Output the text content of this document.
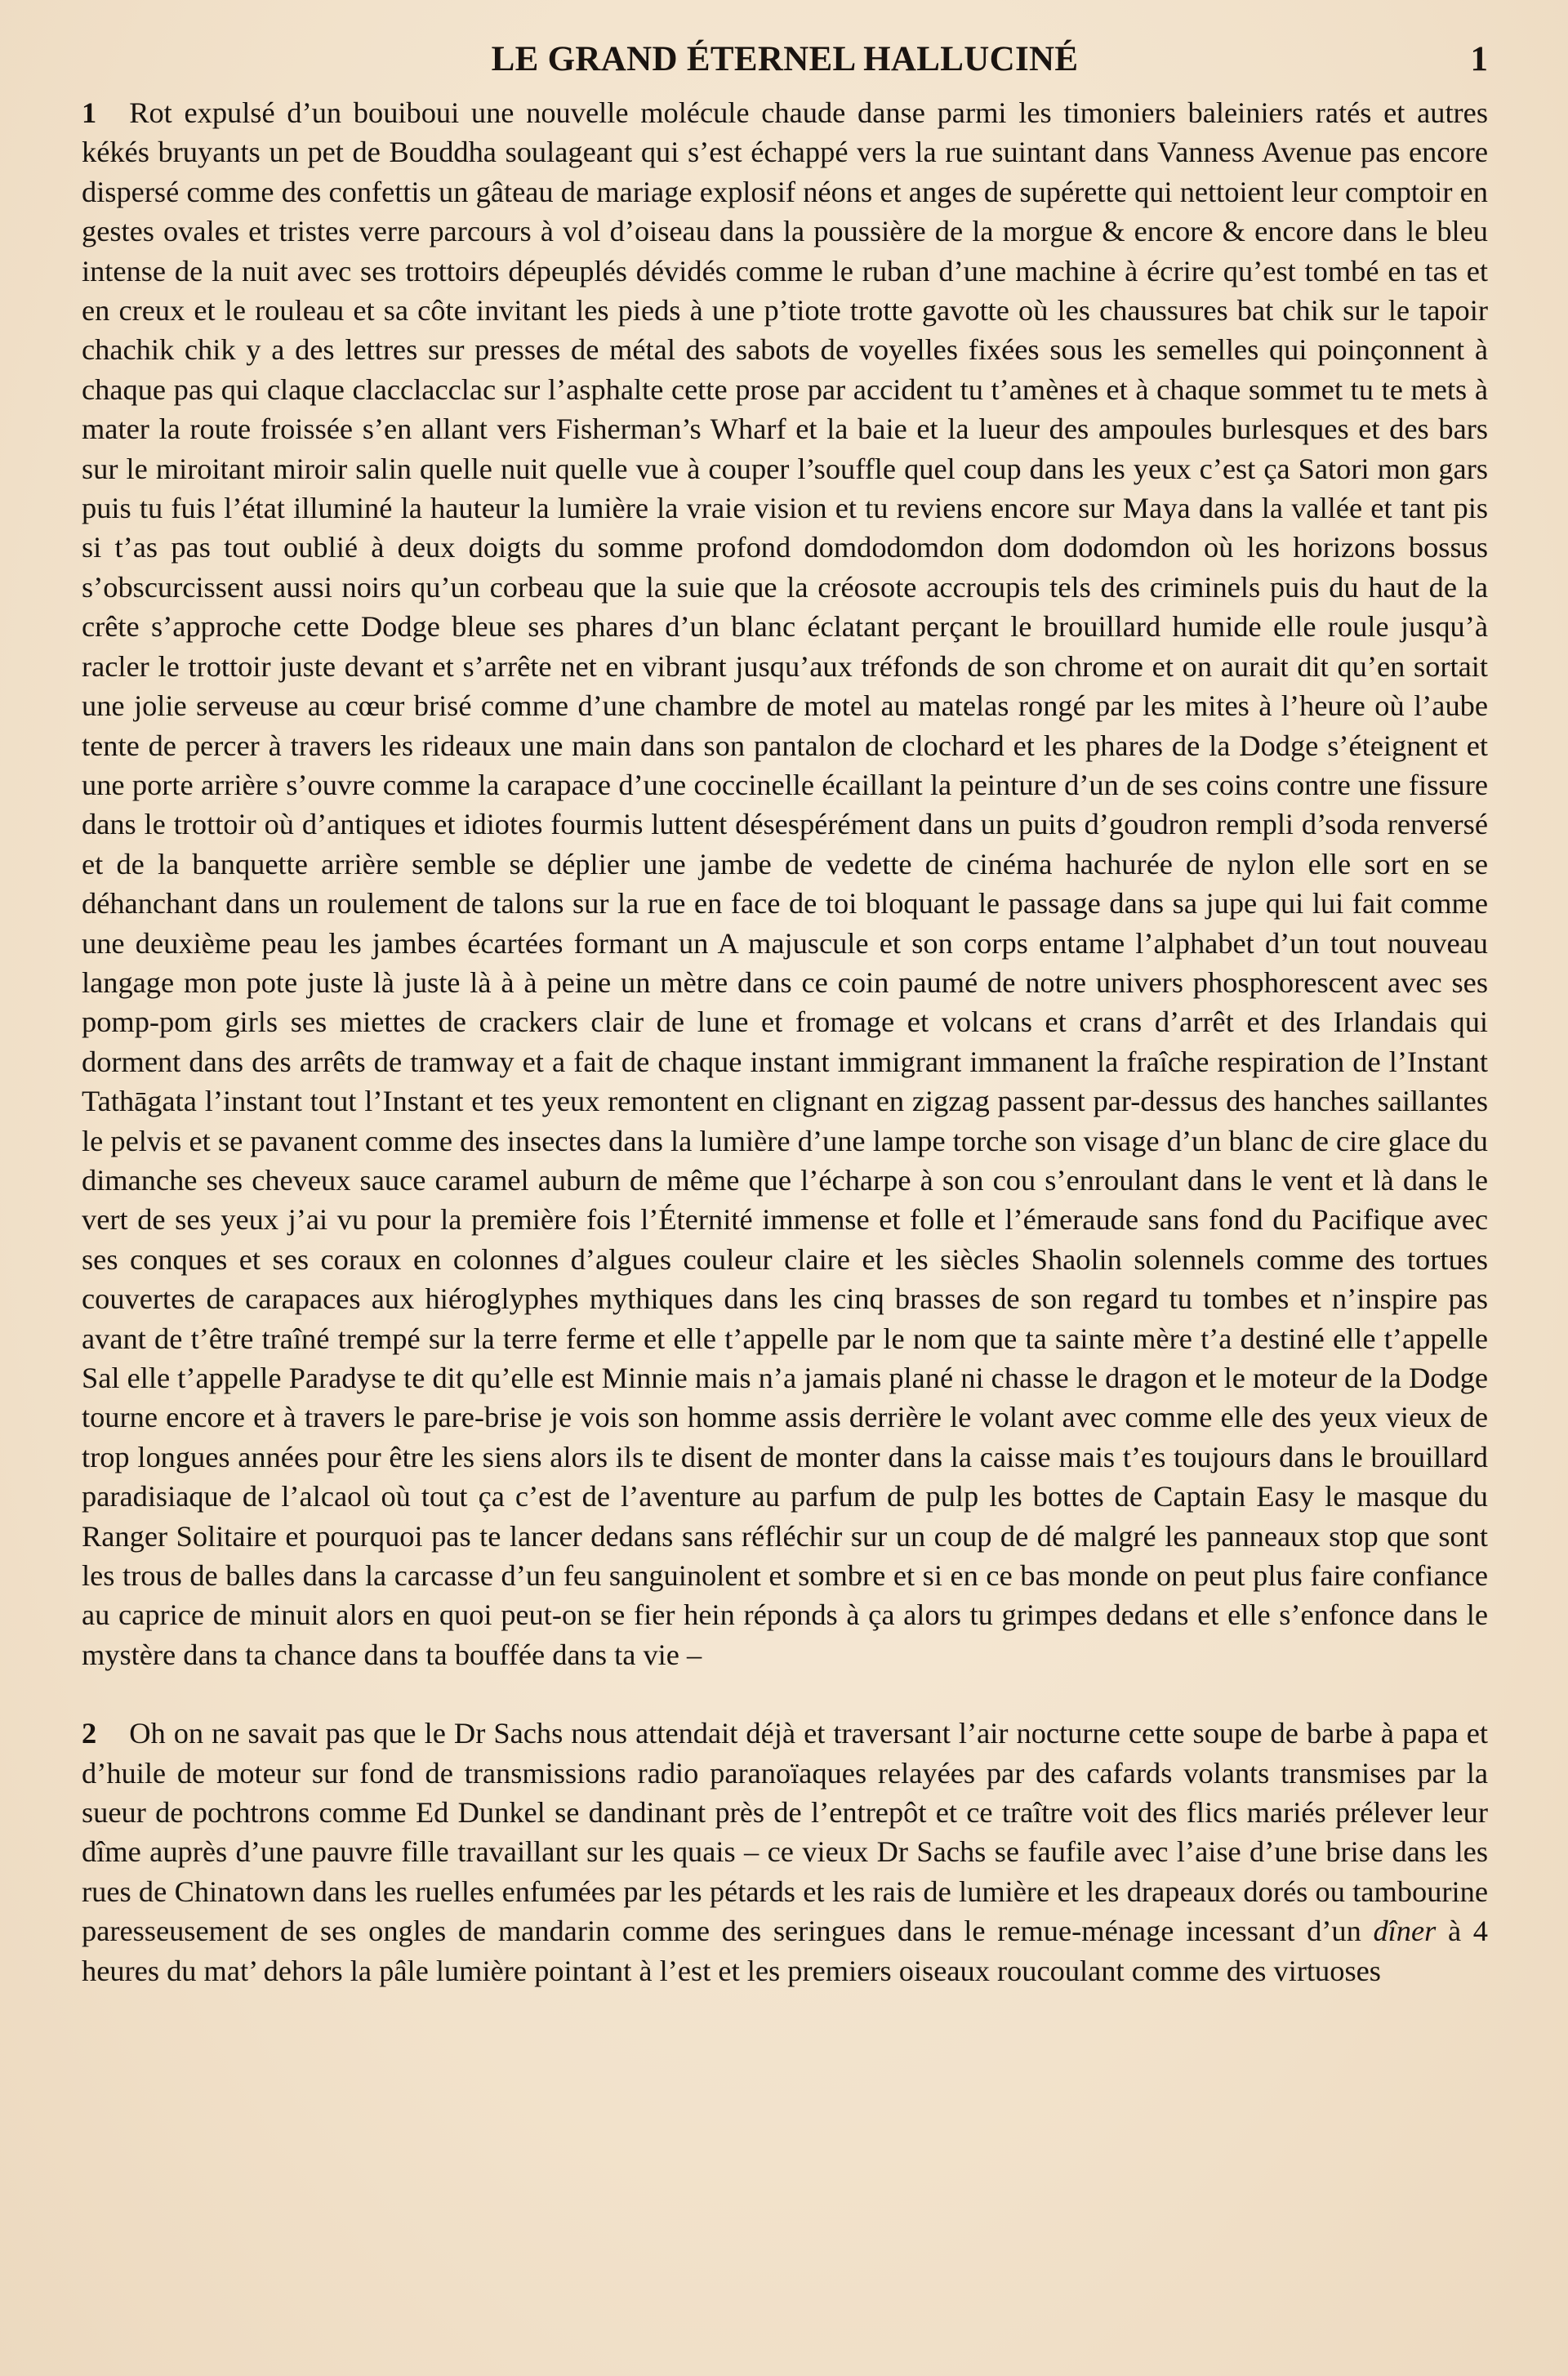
LE GRAND ÉTERNEL HALLUCINÉ	1

1 Rot expulsé d’un bouiboui une nouvelle molécule chaude danse parmi les timoniers baleiniers ratés et autres kékés bruyants un pet de Bouddha soulageant qui s’est échappé vers la rue suintant dans Vanness Avenue pas encore dispersé comme des confettis un gâteau de mariage explosif néons et anges de supérette qui nettoient leur comptoir en gestes ovales et tristes verre parcours à vol d’oiseau dans la poussière de la morgue & encore & encore dans le bleu intense de la nuit avec ses trottoirs dépeuplés dévidés comme le ruban d’une machine à écrire qu’est tombé en tas et en creux et le rouleau et sa côte invitant les pieds à une p’tiote trotte gavotte où les chaussures bat chik sur le tapoir chachik chik y a des lettres sur presses de métal des sabots de voyelles fixées sous les semelles qui poinçonnent à chaque pas qui claque clacclacclac sur l’asphalte cette prose par accident tu t’amènes et à chaque sommet tu te mets à mater la route froissée s’en allant vers Fisherman’s Wharf et la baie et la lueur des ampoules burlesques et des bars sur le miroitant miroir salin quelle nuit quelle vue à couper l’souffle quel coup dans les yeux c’est ça Satori mon gars puis tu fuis l’état illuminé la hauteur la lumière la vraie vision et tu reviens encore sur Maya dans la vallée et tant pis si t’as pas tout oublié à deux doigts du somme profond domdodomdon dom dodomdon où les horizons bossus s’obscurcissent aussi noirs qu’un corbeau que la suie que la créosote accroupis tels des criminels puis du haut de la crête s’approche cette Dodge bleue ses phares d’un blanc éclatant perçant le brouillard humide elle roule jusqu’à racler le trottoir juste devant et s’arrête net en vibrant jusqu’aux tréfonds de son chrome et on aurait dit qu’en sortait une jolie serveuse au cœur brisé comme d’une chambre de motel au matelas rongé par les mites à l’heure où l’aube tente de percer à travers les rideaux une main dans son pantalon de clochard et les phares de la Dodge s’éteignent et une porte arrière s’ouvre comme la carapace d’une coccinelle écaillant la peinture d’un de ses coins contre une fissure dans le trottoir où d’antiques et idiotes fourmis luttent désespérément dans un puits d’goudron rempli d’soda renversé et de la banquette arrière semble se déplier une jambe de vedette de cinéma hachurée de nylon elle sort en se déhanchant dans un roulement de talons sur la rue en face de toi bloquant le passage dans sa jupe qui lui fait comme une deuxième peau les jambes écartées formant un A majuscule et son corps entame l’alphabet d’un tout nouveau langage mon pote juste là juste là à à peine un mètre dans ce coin paumé de notre univers phosphorescent avec ses pomp-pom girls ses miettes de crackers clair de lune et fromage et volcans et crans d’arrêt et des Irlandais qui dorment dans des arrêts de tramway et a fait de chaque instant immigrant immanent la fraîche respiration de l’Instant Tathāgata l’instant tout l’Instant et tes yeux remontent en clignant en zigzag passent par-dessus des hanches saillantes le pelvis et se pavanent comme des insectes dans la lumière d’une lampe torche son visage d’un blanc de cire glace du dimanche ses cheveux sauce caramel auburn de même que l’écharpe à son cou s’enroulant dans le vent et là dans le vert de ses yeux j’ai vu pour la première fois l’Éternité immense et folle et l’émeraude sans fond du Pacifique avec ses conques et ses coraux en colonnes d’algues couleur claire et les siècles Shaolin solennels comme des tortues couvertes de carapaces aux hiéroglyphes mythiques dans les cinq brasses de son regard tu tombes et n’inspire pas avant de t’être traîné trempé sur la terre ferme et elle t’appelle par le nom que ta sainte mère t’a destiné elle t’appelle Sal elle t’appelle Paradyse te dit qu’elle est Minnie mais n’a jamais plané ni chasse le dragon et le moteur de la Dodge tourne encore et à travers le pare-brise je vois son homme assis derrière le volant avec comme elle des yeux vieux de trop longues années pour être les siens alors ils te disent de monter dans la caisse mais t’es toujours dans le brouillard paradisiaque de l’alcaol où tout ça c’est de l’aventure au parfum de pulp les bottes de Captain Easy le masque du Ranger Solitaire et pourquoi pas te lancer dedans sans réfléchir sur un coup de dé malgré les panneaux stop que sont les trous de balles dans la carcasse d’un feu sanguinolent et sombre et si en ce bas monde on peut plus faire confiance au caprice de minuit alors en quoi peut-on se fier hein réponds à ça alors tu grimpes dedans et elle s’enfonce dans le mystère dans ta chance dans ta bouffée dans ta vie –

2 Oh on ne savait pas que le Dr Sachs nous attendait déjà et traversant l’air nocturne cette soupe de barbe à papa et d’huile de moteur sur fond de transmissions radio paranoïaques relayées par des cafards volants transmises par la sueur de pochtrons comme Ed Dunkel se dandinant près de l’entrepôt et ce traître voit des flics mariés prélever leur dîme auprès d’une pauvre fille travaillant sur les quais – ce vieux Dr Sachs se faufile avec l’aise d’une brise dans les rues de Chinatown dans les ruelles enfumées par les pétards et les rais de lumière et les drapeaux dorés ou tambourine paresseusement de ses ongles de mandarin comme des seringues dans le remue-ménage incessant d’un dîner à 4 heures du mat’ dehors la pâle lumière pointant à l’est et les premiers oiseaux roucoulant comme des virtuoses
